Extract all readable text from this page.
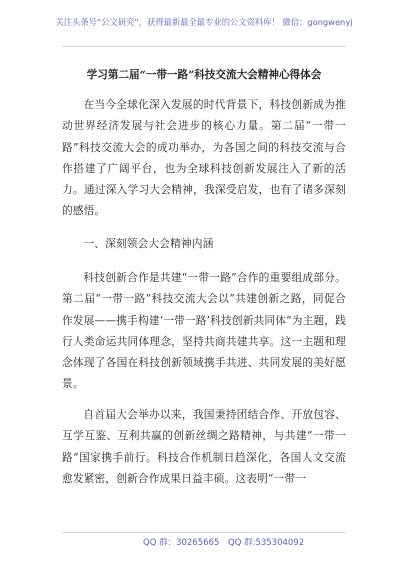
关注头条号“公文研究”，获得最新最全最专业的公文资料库！ 微信：gongwenyj
学习第二届“一带一路”科技交流大会精神心得体会

在当今全球化深入发展的时代背景下，科技创新成为推动世界经济发展与社会进步的核心力量。第二届“一带一路”科技交流大会的成功举办，为各国之间的科技交流与合作搭建了广阔平台，也为全球科技创新发展注入了新的活力。通过深入学习大会精神，我深受启发，也有了诸多深刻的感悟。

一、深刻领会大会精神内涵

科技创新合作是共建“一带一路”合作的重要组成部分。第二届“一带一路”科技交流大会以“共建创新之路，同促合作发展——携手构建‘一带一路’科技创新共同体”为主题，践行人类命运共同体理念，坚持共商共建共享。这一主题和理念体现了各国在科技创新领域携手共进、共同发展的美好愿景。

自首届大会举办以来，我国秉持团结合作、开放包容、互学互鉴、互利共赢的创新丝绸之路精神，与共建“一带一路”国家携手前行。科技合作机制日趋深化，各国人文交流愈发紧密，创新合作成果日益丰硕。这表明“一带一

QQ 群：30265665 QQ 群:535304092
